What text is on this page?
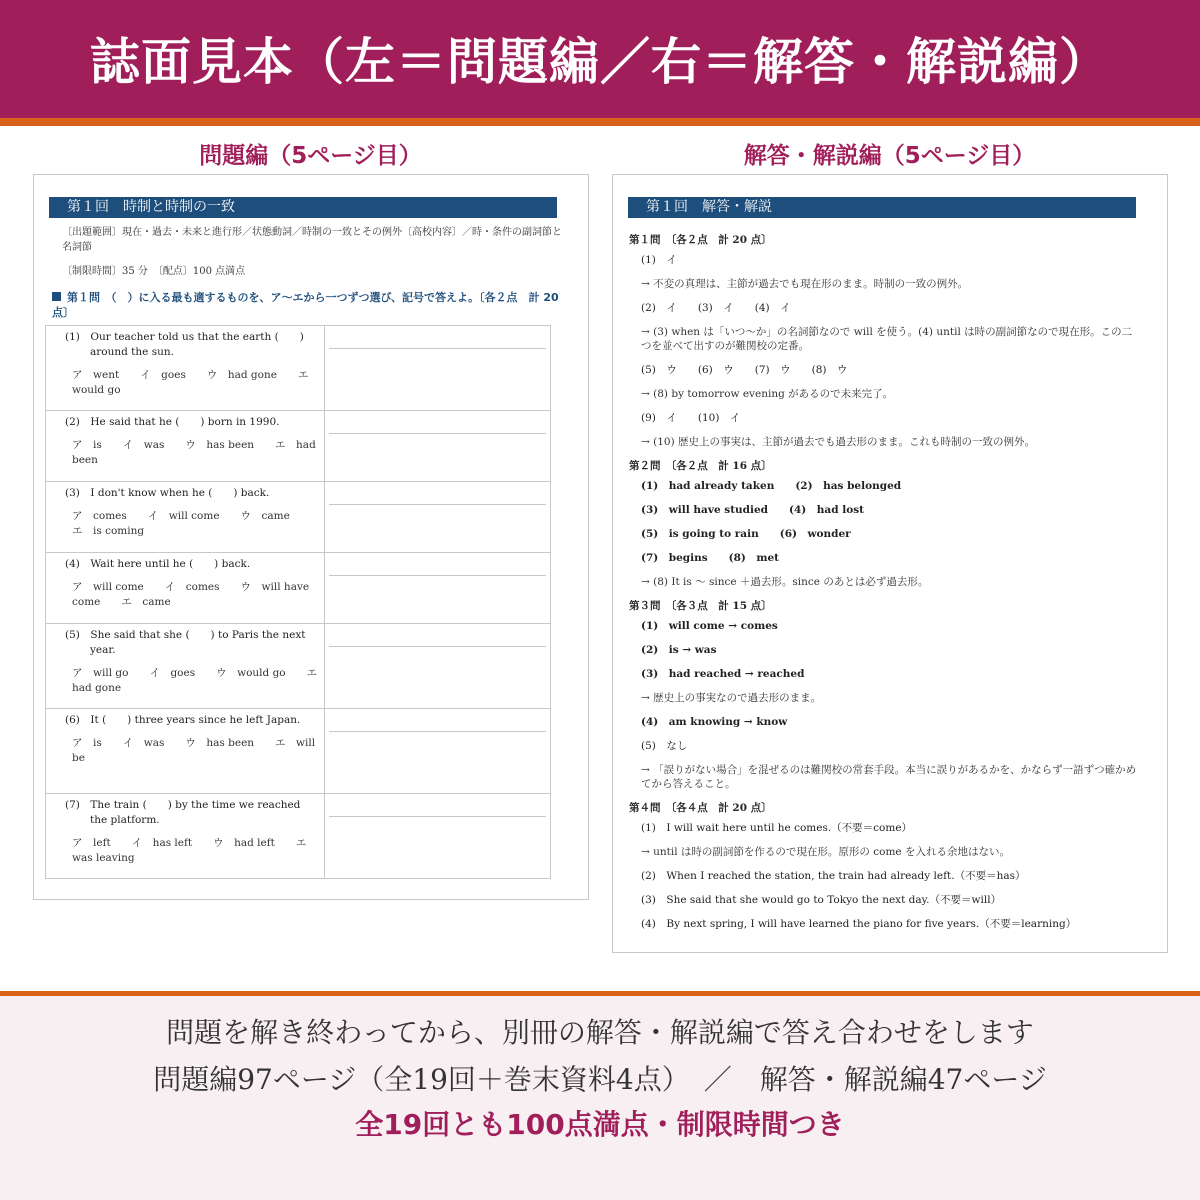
誌面見本（左＝問題編／右＝解答・解説編）
問題編（5ページ目）	解答・解説編（5ページ目）
第１回　時制と時制の一致
〔出題範囲〕現在・過去・未来と進行形／状態動詞／時制の一致とその例外〔高校内容〕／時・条件の副詞節と名詞節
〔制限時間〕35 分　〔配点〕100 点満点
第１問　（　）に入る最も適するものを、ア〜エから一つずつ選び、記号で答えよ。〔各２点　計 20 点〕
(1)　Our teacher told us that the earth (　　) around the sun.
ア　went　　イ　goes　　ウ　had gone　　エ　would go	

(2)　He said that he (　　) born in 1990.
ア　is　　イ　was　　ウ　has been　　エ　had been	

(3)　I don't know when he (　　) back.
ア　comes　　イ　will come　　ウ　came　　エ　is coming	

(4)　Wait here until he (　　) back.
ア　will come　　イ　comes　　ウ　will have come　　エ　came	

(5)　She said that she (　　) to Paris the next year.
ア　will go　　イ　goes　　ウ　would go　　エ　had gone	

(6)　It (　　) three years since he left Japan.
ア　is　　イ　was　　ウ　has been　　エ　will be	

(7)　The train (　　) by the time we reached the platform.
ア　left　　イ　has left　　ウ　had left　　エ　was leaving	

第１回　解答・解説
第１問　〔各２点　計 20 点〕
(1)　イ
→ 不変の真理は、主節が過去でも現在形のまま。時制の一致の例外。
(2)　イ　　(3)　イ　　(4)　イ
→ (3) when は「いつ〜か」の名詞節なので will を使う。(4) until は時の副詞節なので現在形。この二つを並べて出すのが難関校の定番。
(5)　ウ　　(6)　ウ　　(7)　ウ　　(8)　ウ
→ (8) by tomorrow evening があるので未来完了。
(9)　イ　　(10)　イ
→ (10) 歴史上の事実は、主節が過去でも過去形のまま。これも時制の一致の例外。
第２問　〔各２点　計 16 点〕
(1)　had already taken　　(2)　has belonged
(3)　will have studied　　(4)　had lost
(5)　is going to rain　　(6)　wonder
(7)　begins　　(8)　met
→ (8) It is 〜 since ＋過去形。since のあとは必ず過去形。
第３問　〔各３点　計 15 点〕
(1)　will come → comes
(2)　is → was
(3)　had reached → reached
→ 歴史上の事実なので過去形のまま。
(4)　am knowing → know
(5)　なし
→ 「誤りがない場合」を混ぜるのは難関校の常套手段。本当に誤りがあるかを、かならず一語ずつ確かめてから答えること。
第４問　〔各４点　計 20 点〕
(1)　I will wait here until he comes.（不要＝come）
→ until は時の副詞節を作るので現在形。原形の come を入れる余地はない。
(2)　When I reached the station, the train had already left.（不要＝has）
(3)　She said that she would go to Tokyo the next day.（不要＝will）
(4)　By next spring, I will have learned the piano for five years.（不要＝learning）
問題を解き終わってから、別冊の解答・解説編で答え合わせをします
問題編97ページ（全19回＋巻末資料4点）　／　解答・解説編47ページ
全19回とも100点満点・制限時間つき
